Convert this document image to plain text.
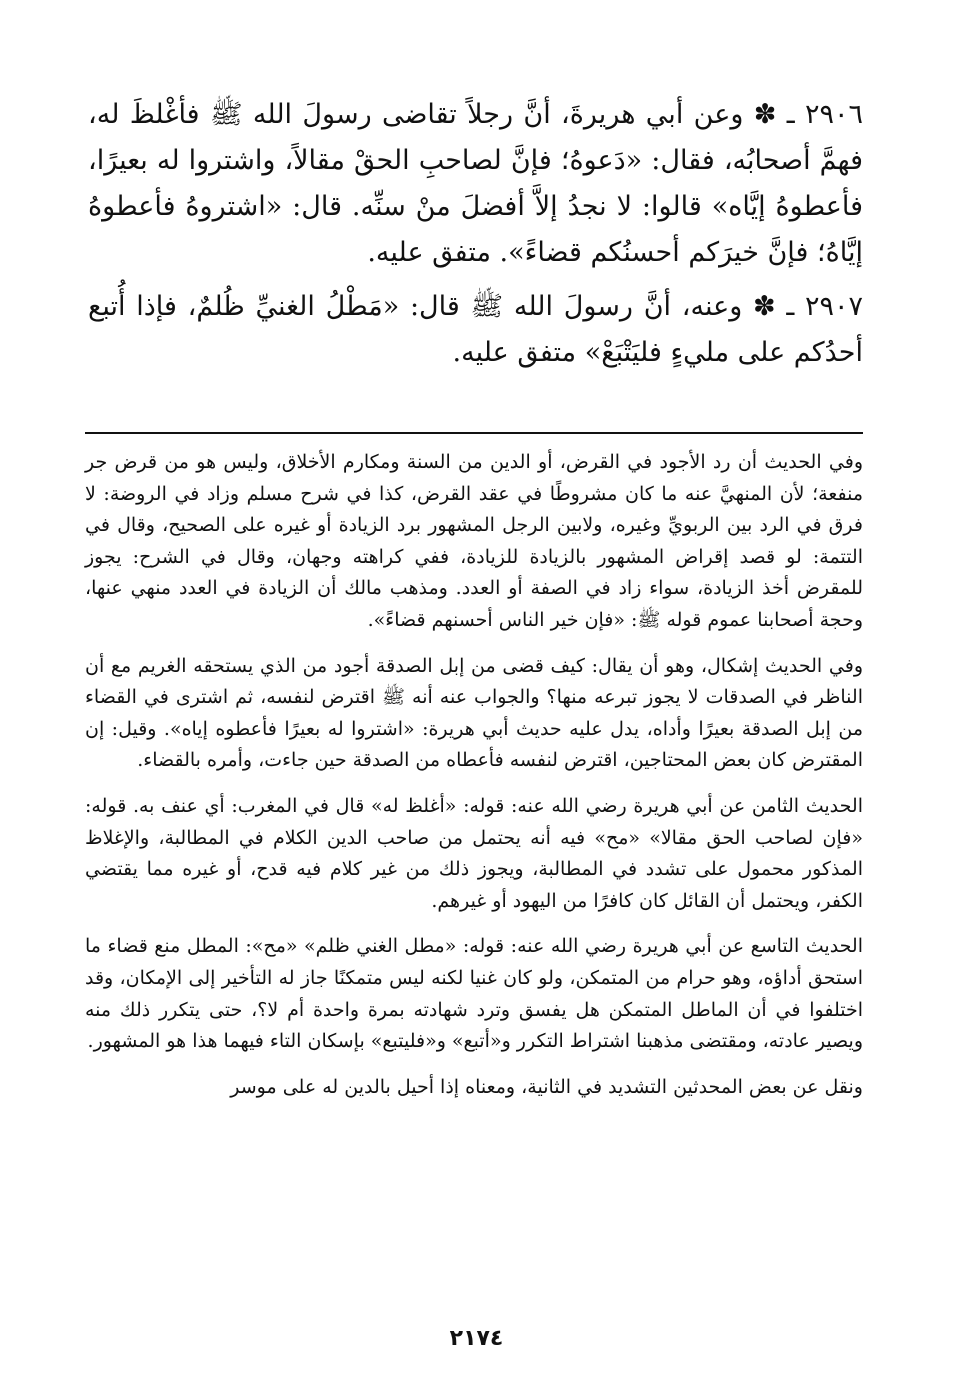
٢٩٠٦ ـ ✽ وعن أبي هريرةَ، أنَّ رجلاً تقاضى رسولَ الله ﷺ فأغْلظَ له، فهمَّ أصحابُه، فقال: «دَعوهُ؛ فإنَّ لصاحبِ الحقْ مقالاً، واشتروا له بعيرًا، فأعطوهُ إيَّاه» قالوا: لا نجدُ إلاَّ أفضلَ منْ سنِّه. قال: «اشتروهُ فأعطوهُ إيَّاهُ؛ فإنَّ خيرَكم أحسنُكم قضاءً». متفق عليه.

٢٩٠٧ ـ ✽ وعنه، أنَّ رسولَ الله ﷺ قال: «مَطْلُ الغنيِّ ظُلمٌ، فإذا أُتبع أحدُكم على مليءٍ فليَتْبَعْ» متفق عليه.

وفي الحديث أن رد الأجود في القرض، أو الدين من السنة ومكارم الأخلاق، وليس هو من قرض جر منفعة؛ لأن المنهيَّ عنه ما كان مشروطًا في عقد القرض، كذا في شرح مسلم وزاد في الروضة: لا فرق في الرد بين الربويِّ وغيره، ولابين الرجل المشهور برد الزيادة أو غيره على الصحيح، وقال في التتمة: لو قصد إقراض المشهور بالزيادة للزيادة، ففي كراهته وجهان، وقال في الشرح: يجوز للمقرض أخذ الزيادة، سواء زاد في الصفة أو العدد. ومذهب مالك أن الزيادة في العدد منهي عنها، وحجة أصحابنا عموم قوله ﷺ: «فإن خير الناس أحسنهم قضاءً».

وفي الحديث إشكال، وهو أن يقال: كيف قضى من إبل الصدقة أجود من الذي يستحقه الغريم مع أن الناظر في الصدقات لا يجوز تبرعه منها؟ والجواب عنه أنه ﷺ اقترض لنفسه، ثم اشترى في القضاء من إبل الصدقة بعيرًا وأداه، يدل عليه حديث أبي هريرة: «اشتروا له بعيرًا فأعطوه إياه». وقيل: إن المقترض كان بعض المحتاجين، اقترض لنفسه فأعطاه من الصدقة حين جاءت، وأمره بالقضاء.

الحديث الثامن عن أبي هريرة رضي الله عنه: قوله: «أغلظ له» قال في المغرب: أي عنف به. قوله: «فإن لصاحب الحق مقالا» «مح» فيه أنه يحتمل من صاحب الدين الكلام في المطالبة، والإغلاظ المذكور محمول على تشدد في المطالبة، ويجوز ذلك من غير كلام فيه قدح، أو غيره مما يقتضي الكفر، ويحتمل أن القائل كان كافرًا من اليهود أو غيرهم.

الحديث التاسع عن أبي هريرة رضي الله عنه: قوله: «مطل الغني ظلم» «مح»: المطل منع قضاء ما استحق أداؤه، وهو حرام من المتمكن، ولو كان غنيا لكنه ليس متمكنًا جاز له التأخير إلى الإمكان، وقد اختلفوا في أن الماطل المتمكن هل يفسق وترد شهادته بمرة واحدة أم لا؟، حتى يتكرر ذلك منه ويصير عادته، ومقتضى مذهبنا اشتراط التكرر و«أتبع» و«فليتبع» بإسكان التاء فيهما هذا هو المشهور.

ونقل عن بعض المحدثين التشديد في الثانية، ومعناه إذا أحيل بالدين له على موسر

٢١٧٤
